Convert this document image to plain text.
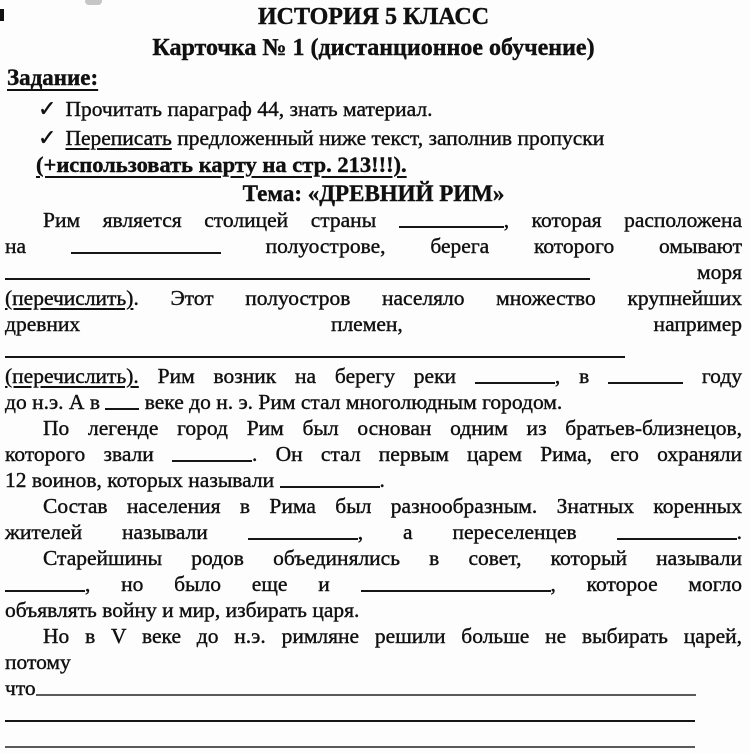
ИСТОРИЯ 5 КЛАСС
Карточка № 1 (дистанционное обучение)
Задание:
✓ Прочитать параграф 44, знать материал.
✓ Переписать предложенный ниже текст, заполнив пропуски
(+использовать карту на стр. 213!!!).
Тема: «ДРЕВНИЙ РИМ»
Рим является столицей страны	, которая расположена
на	полуострове, берега которого омывают
моря
(перечислить). Этот полуостров населяло множество крупнейших
древних племен, например
(перечислить). Рим возник на берегу реки	, в	году
до н.э. А в  веке до н. э. Рим стал многолюдным городом.
По легенде город Рим был основан одним из братьев-близнецов,
которого звали	. Он стал первым царем Рима, его охраняли
12 воинов, которых называли	.
Состав населения в Рима был разнообразным. Знатных коренных
жителей называли	, а переселенцев	.
Старейшины родов объединялись в совет, который называли
, но было еще и	, которое могло
объявлять войну и мир, избирать царя.
Но в V веке до н.э. римляне решили больше не выбирать царей,
потому
что
